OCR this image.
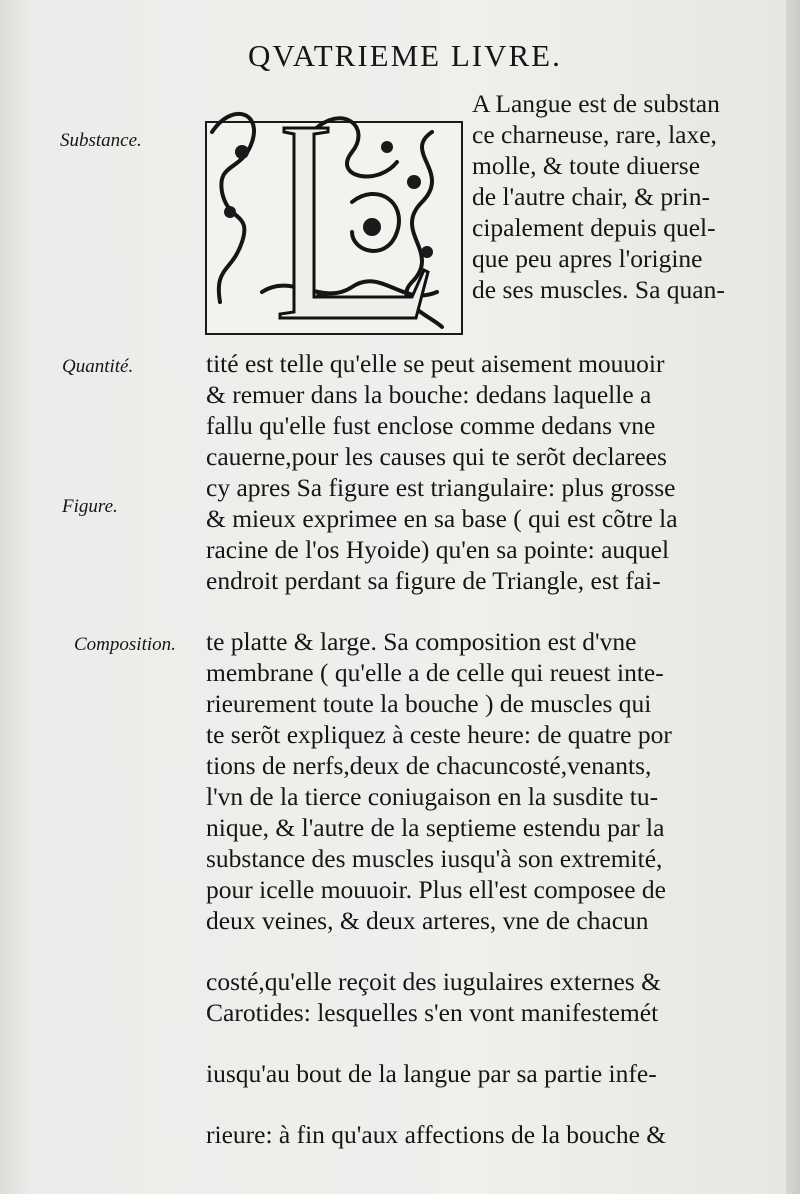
QVATRIEME LIVRE.
Substance.
Quantité.
Figure.
Composition.
A Langue est de substan
ce charneuse, rare, laxe,
molle, & toute diuerse
de l'autre chair, & prin-
cipalement depuis quel-
que peu apres l'origine
de ses muscles. Sa quan-
tité est telle qu'elle se peut aisement mouuoir
& remuer dans la bouche: dedans laquelle a
fallu qu'elle fust enclose comme dedans vne
cauerne,pour les causes qui te serõt declarees
cy apres Sa figure est triangulaire: plus grosse
& mieux exprimee en sa base ( qui est cõtre la
racine de l'os Hyoide) qu'en sa pointe: auquel
endroit perdant sa figure de Triangle, est fai-
te platte & large. Sa composition est d'vne
membrane ( qu'elle a de celle qui reuest inte-
rieurement toute la bouche ) de muscles qui
te serõt expliquez à ceste heure: de quatre por
tions de nerfs,deux de chacuncosté,venants,
l'vn de la tierce coniugaison en la susdite tu-
nique, & l'autre de la septieme estendu par la
substance des muscles iusqu'à son extremité,
pour icelle mouuoir. Plus ell'est composee de
deux veines, & deux arteres, vne de chacun
costé,qu'elle reçoit des iugulaires externes &
Carotides: lesquelles s'en vont manifestemét
iusqu'au bout de la langue par sa partie infe-
rieure: à fin qu'aux affections de la bouche &
